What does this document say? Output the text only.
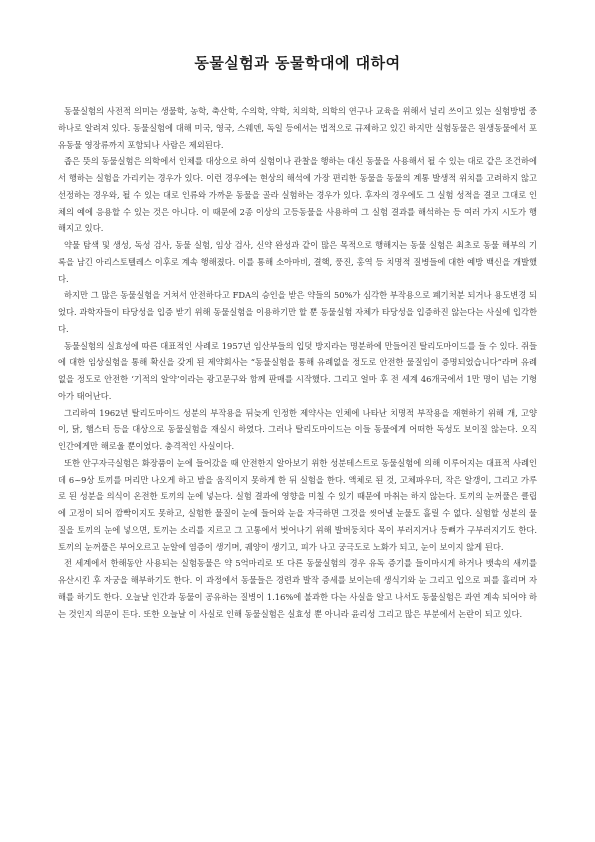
동물실험과 동물학대에 대하여

동물실험의 사전적 의미는 생물학, 농학, 축산학, 수의학, 약학, 치의학, 의학의 연구나 교육을 위해서 널리 쓰이고 있는 실험방법 중 하나로 알려져 있다. 동물실험에 대해 미국, 영국, 스웨덴, 독일 등에서는 법적으로 규제하고 있긴 하지만 실험동물은 원생동물에서 포유동물 영장류까지 포함되나 사람은 제외된다.

좁은 뜻의 동물실험은 의학에서 인체를 대상으로 하여 실험이나 관찰을 행하는 대신 동물을 사용해서 될 수 있는 대로 같은 조건하에서 행하는 실험을 가리키는 경우가 있다. 이런 경우에는 현상의 해석에 가장 편리한 동물을 동물의 계통 발생적 위치를 고려하지 않고 선정하는 경우와, 될 수 있는 대로 인류와 가까운 동물을 골라 실험하는 경우가 있다. 후자의 경우에도 그 실험 성적을 결코 그대로 인체의 예에 응용할 수 있는 것은 아니다. 이 때문에 2종 이상의 고등동물을 사용하여 그 실험 결과를 해석하는 등 여러 가지 시도가 행해지고 있다.

약물 탐색 및 생성, 독성 검사, 동물 실험, 임상 검사, 신약 완성과 같이 많은 목적으로 행해지는 동물 실험은 최초로 동물 해부의 기록을 남긴 아리스토텔레스 이후로 계속 행해졌다. 이를 통해 소아마비, 결핵, 풍진, 홍역 등 치명적 질병들에 대한 예방 백신을 개발했다.

하지만 그 많은 동물실험을 거쳐서 안전하다고 FDA의 승인을 받은 약들의 50%가 심각한 부작용으로 폐기처분 되거나 용도변경 되었다. 과학자들이 타당성을 입증 받기 위해 동물실험을 이용하기만 할 뿐 동물실험 자체가 타당성을 입증하진 않는다는 사실에 입각한다.

동물실험의 실효성에 따른 대표적인 사례로 1957년 임산부들의 입덧 방지라는 명분하에 만들어진 탈리도마이드를 들 수 있다. 쥐들에 대한 임상실험을 통해 확신을 갖게 된 제약회사는 “동물실험을 통해 유례없을 정도로 안전한 물질임이 증명되었습니다”라며 유례없을 정도로 안전한 ‘기적의 알약’이라는 광고문구와 함께 판매를 시작했다. 그리고 얼마 후 전 세계 46개국에서 1만 명이 넘는 기형아가 태어난다.

그리하여 1962년 탈리도마이드 성분의 부작용을 뒤늦게 인정한 제약사는 인체에 나타난 치명적 부작용을 재현하기 위해 개, 고양이, 닭, 햄스터 등을 대상으로 동물실험을 재실시 하였다. 그러나 탈리도마이드는 이들 동물에게 어떠한 독성도 보이질 않는다. 오직 인간에게만 해로울 뿐이었다. 충격적인 사실이다.

또한 안구자극실험은 화장품이 눈에 들어갔을 때 안전한지 알아보기 위한 성분테스트로 동물실험에 의해 이루어지는 대표적 사례인데 6~9상 토끼를 머리만 나오게 하고 밤을 움직이지 못하게 한 뒤 실험을 한다. 액체로 된 것, 고체파우더, 작은 알갱이, 그리고 가루로 된 성분을 의식이 온전한 토끼의 눈에 넣는다. 실험 결과에 영향을 미칠 수 있기 때문에 마취는 하지 않는다. 토끼의 눈꺼풀은 클립에 고정이 되어 깜빡이지도 못하고, 실험한 물질이 눈에 들어와 눈을 자극하면 그것을 씻어낼 눈물도 흘릴 수 없다. 실험할 성분의 물질을 토끼의 눈에 넣으면, 토끼는 소리를 지르고 그 고통에서 벗어나기 위해 발버둥치다 목이 부러지거나 등뼈가 구부러지기도 한다. 토끼의 눈꺼풀은 부어오르고 눈알에 염증이 생기며, 궤양이 생기고, 피가 나고 궁극도로 노화가 되고, 눈이 보이지 않게 된다.

전 세계에서 한해동안 사용되는 실험동물은 약 5억마리로 또 다른 동물실험의 경우 유독 증기를 들이마시게 하거나 뱃속의 새끼를 유산시킨 후 자궁을 해부하기도 한다. 이 과정에서 동물들은 경련과 발작 증세를 보이는데 생식기와 눈 그리고 입으로 피를 흘리며 자해를 하기도 한다. 오늘날 인간과 동물이 공유하는 질병이 1.16%에 불과한 다는 사실을 알고 나서도 동물실험은 과연 계속 되어야 하는 것인지 의문이 든다. 또한 오늘날 이 사실로 인해 동물실험은 실효성 뿐 아니라 윤리성 그리고 많은 부분에서 논란이 되고 있다.
